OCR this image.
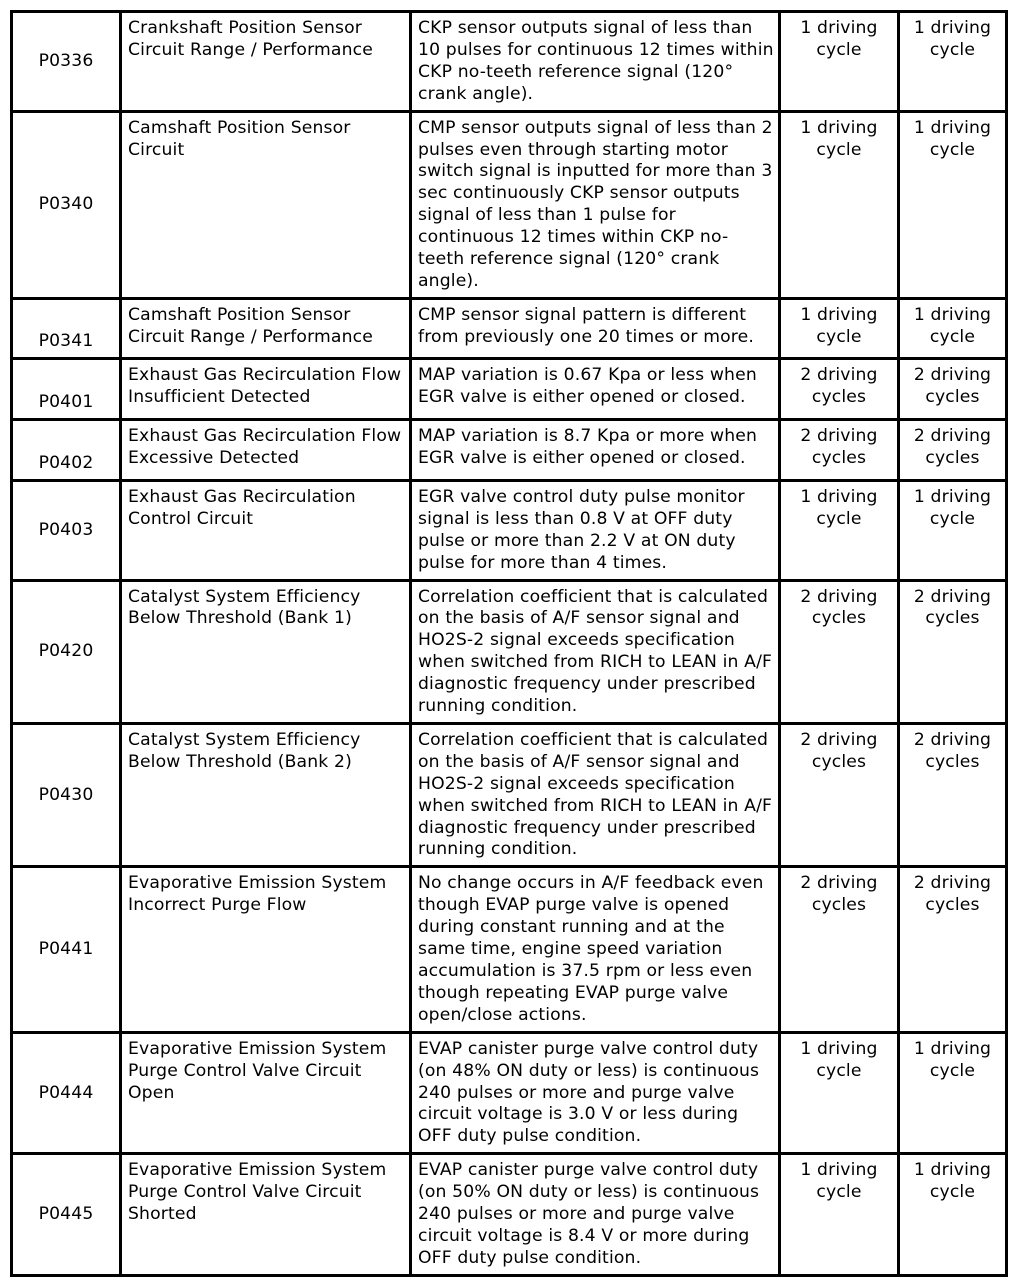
P0336	Crankshaft Position Sensor Circuit Range / Performance	CKP sensor outputs signal of less than 10 pulses for continuous 12 times within CKP no-teeth reference signal (120° crank angle).	1 driving cycle	1 driving cycle
P0340	Camshaft Position Sensor Circuit	CMP sensor outputs signal of less than 2 pulses even through starting motor switch signal is inputted for more than 3 sec continuously CKP sensor outputs signal of less than 1 pulse for continuous 12 times within CKP no-teeth reference signal (120° crank angle).	1 driving cycle	1 driving cycle
P0341	Camshaft Position Sensor Circuit Range / Performance	CMP sensor signal pattern is different from previously one 20 times or more.	1 driving cycle	1 driving cycle
P0401	Exhaust Gas Recirculation Flow Insufficient Detected	MAP variation is 0.67 Kpa or less when EGR valve is either opened or closed.	2 driving cycles	2 driving cycles
P0402	Exhaust Gas Recirculation Flow Excessive Detected	MAP variation is 8.7 Kpa or more when EGR valve is either opened or closed.	2 driving cycles	2 driving cycles
P0403	Exhaust Gas Recirculation Control Circuit	EGR valve control duty pulse monitor signal is less than 0.8 V at OFF duty pulse or more than 2.2 V at ON duty pulse for more than 4 times.	1 driving cycle	1 driving cycle
P0420	Catalyst System Efficiency Below Threshold (Bank 1)	Correlation coefficient that is calculated on the basis of A/F sensor signal and HO2S-2 signal exceeds specification when switched from RICH to LEAN in A/F diagnostic frequency under prescribed running condition.	2 driving cycles	2 driving cycles
P0430	Catalyst System Efficiency Below Threshold (Bank 2)	Correlation coefficient that is calculated on the basis of A/F sensor signal and HO2S-2 signal exceeds specification when switched from RICH to LEAN in A/F diagnostic frequency under prescribed running condition.	2 driving cycles	2 driving cycles
P0441	Evaporative Emission System Incorrect Purge Flow	No change occurs in A/F feedback even though EVAP purge valve is opened during constant running and at the same time, engine speed variation accumulation is 37.5 rpm or less even though repeating EVAP purge valve open/close actions.	2 driving cycles	2 driving cycles
P0444	Evaporative Emission System Purge Control Valve Circuit Open	EVAP canister purge valve control duty (on 48% ON duty or less) is continuous 240 pulses or more and purge valve circuit voltage is 3.0 V or less during OFF duty pulse condition.	1 driving cycle	1 driving cycle
P0445	Evaporative Emission System Purge Control Valve Circuit Shorted	EVAP canister purge valve control duty (on 50% ON duty or less) is continuous 240 pulses or more and purge valve circuit voltage is 8.4 V or more during OFF duty pulse condition.	1 driving cycle	1 driving cycle
